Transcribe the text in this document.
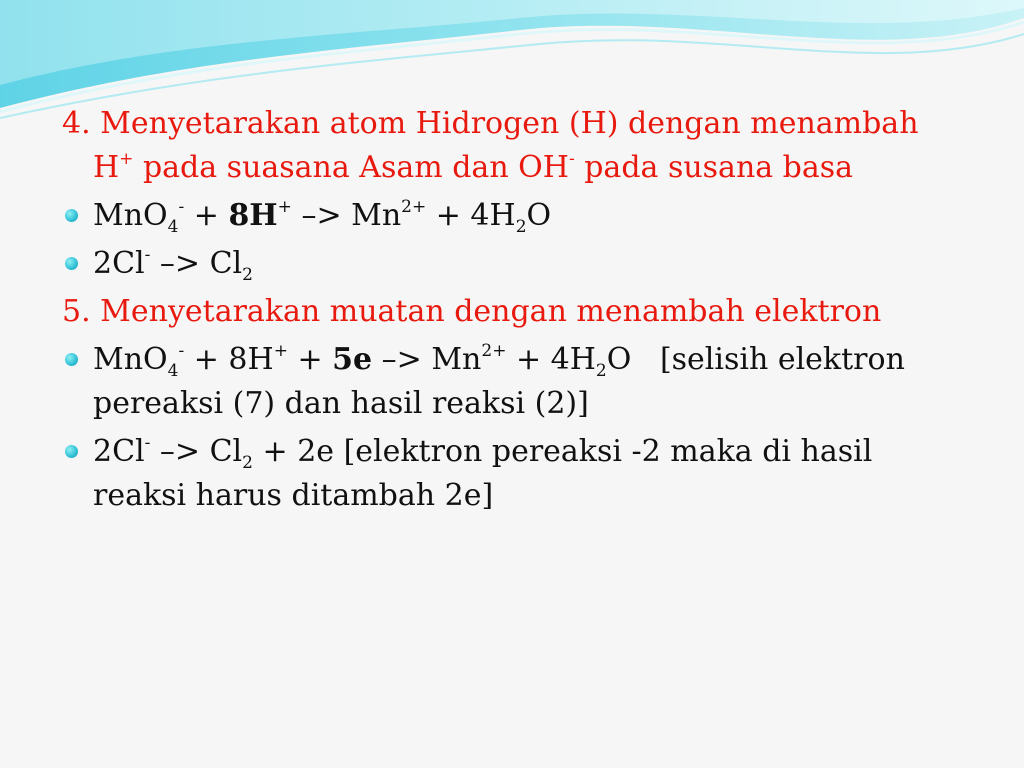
4. Menyetarakan atom Hidrogen (H) dengan menambah H+ pada suasana Asam dan OH- pada susana basa
$MnO_4^- + 8H^+ -> Mn^{2+} + 4H_2O$
$2Cl^- -> Cl_2$
5. Menyetarakan muatan dengan menambah elektron
$MnO_4^- + 8H^+ + 5e -> Mn^{2+} + 4H_2O$   [selisih elektron pereaksi (7) dan hasil reaksi (2)]
$2Cl^- -> Cl_2 + 2e$ [elektron pereaksi -2 maka di hasil reaksi harus ditambah 2e]
